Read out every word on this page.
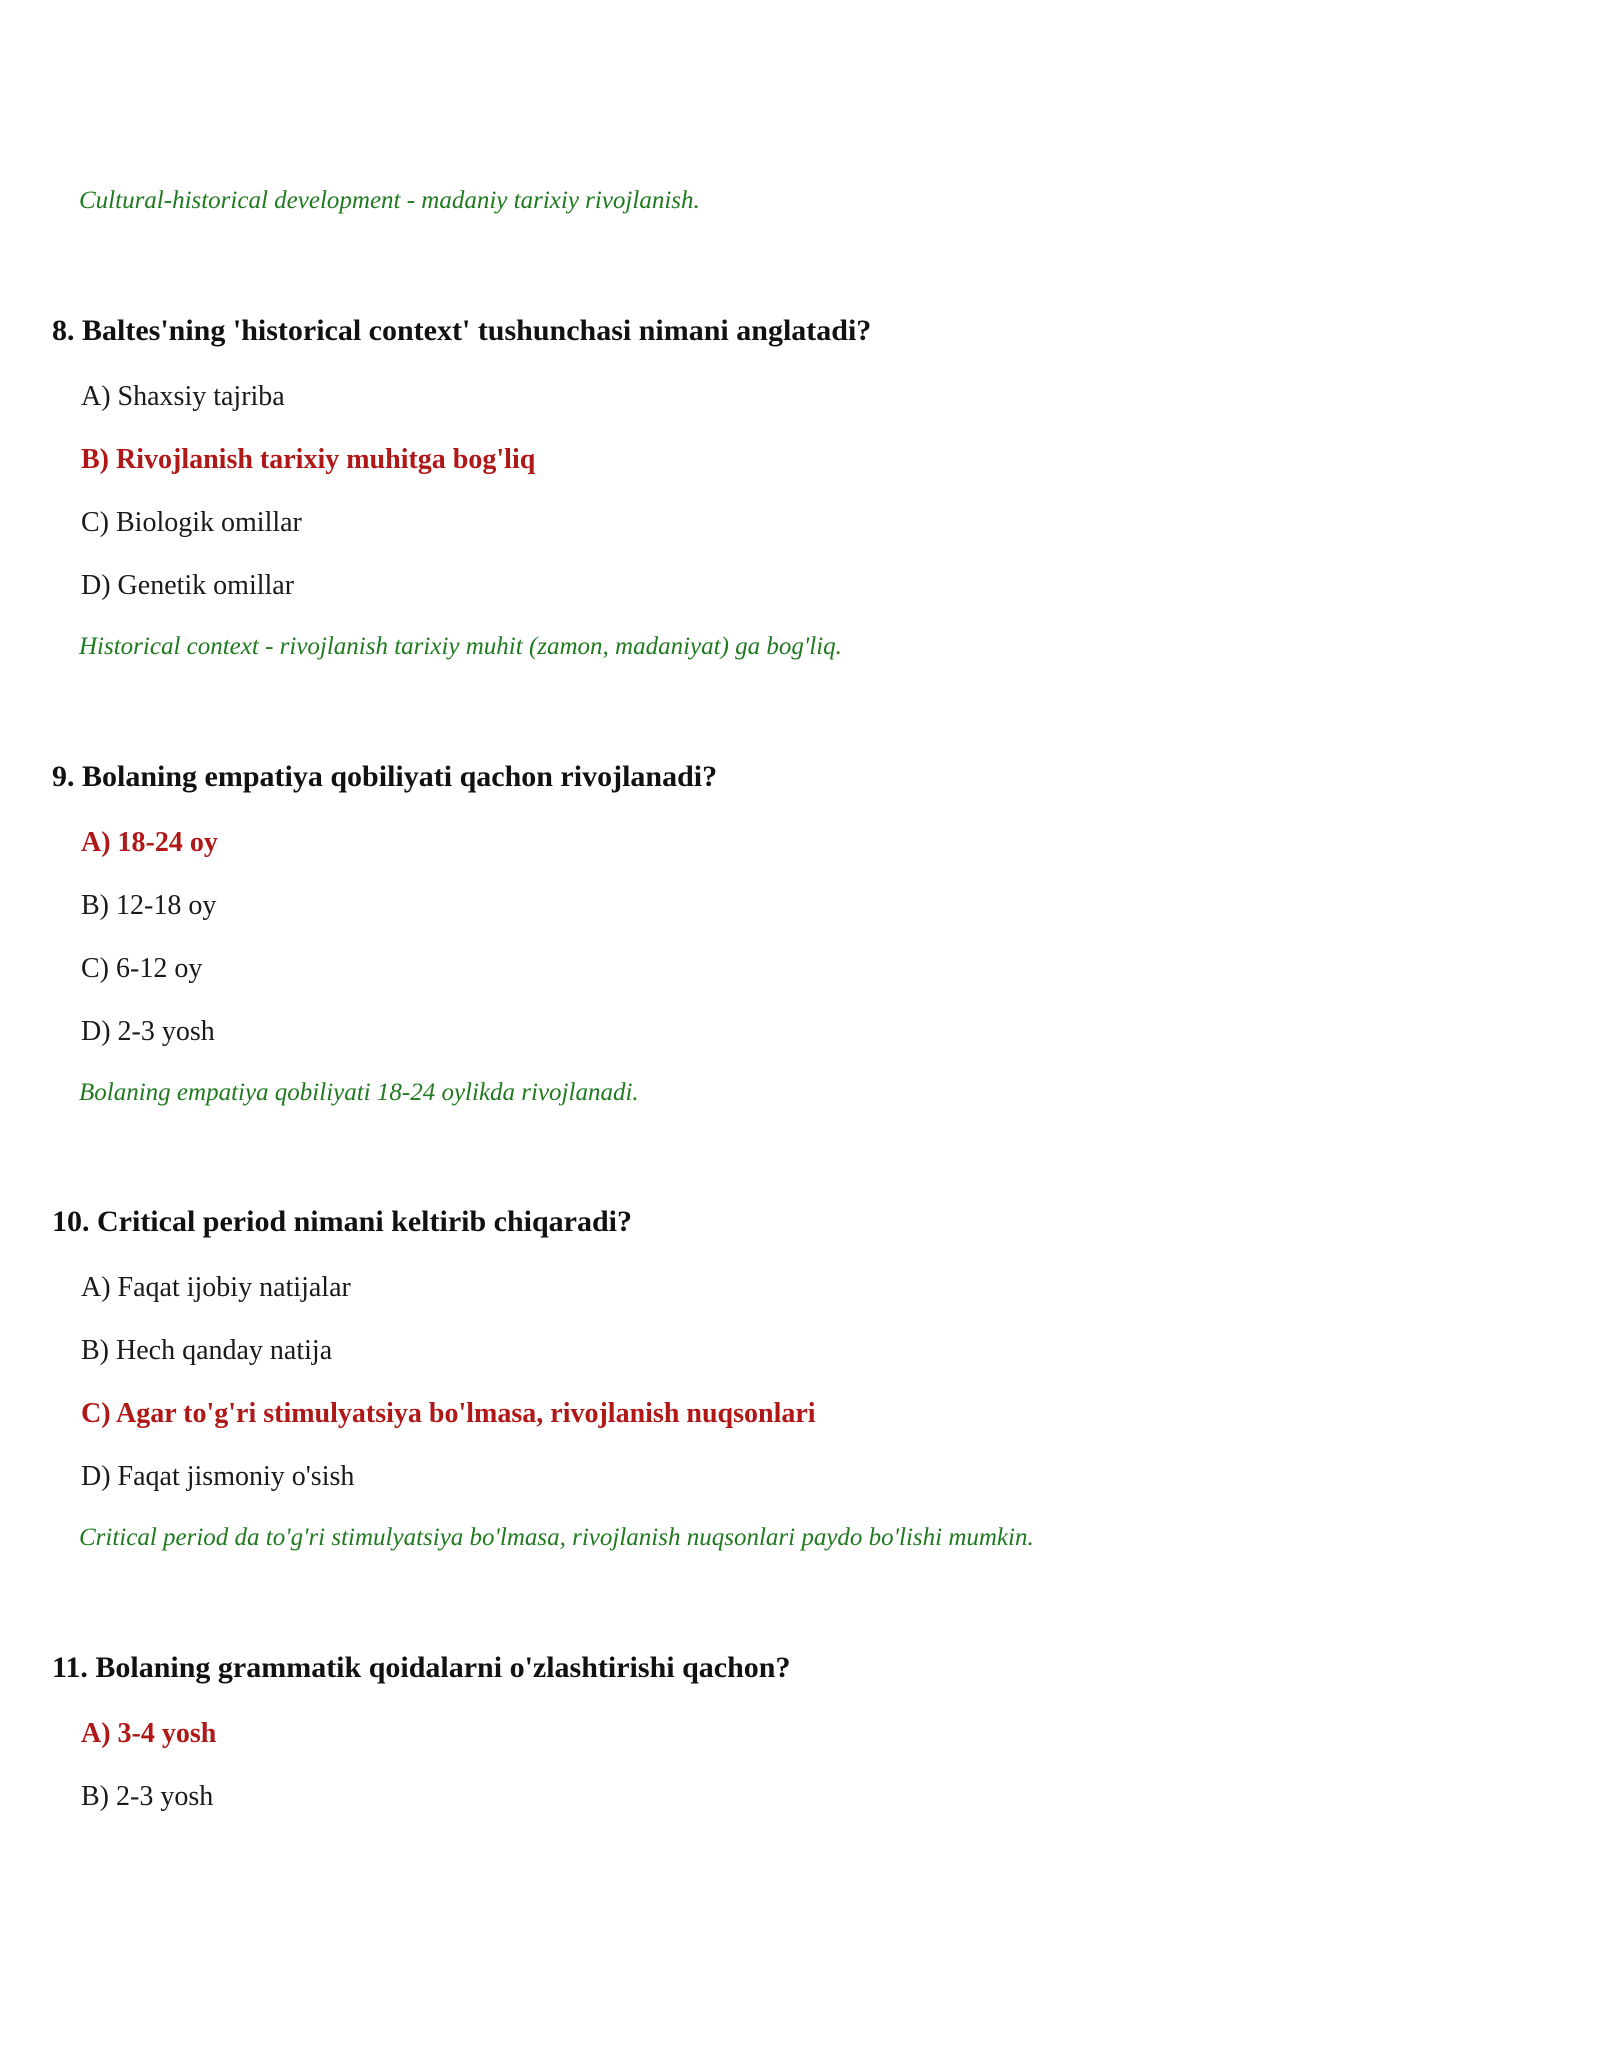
Cultural-historical development - madaniy tarixiy rivojlanish.
8. Baltes'ning 'historical context' tushunchasi nimani anglatadi?
A) Shaxsiy tajriba
B) Rivojlanish tarixiy muhitga bog'liq
C) Biologik omillar
D) Genetik omillar
Historical context - rivojlanish tarixiy muhit (zamon, madaniyat) ga bog'liq.
9. Bolaning empatiya qobiliyati qachon rivojlanadi?
A) 18-24 oy
B) 12-18 oy
C) 6-12 oy
D) 2-3 yosh
Bolaning empatiya qobiliyati 18-24 oylikda rivojlanadi.
10. Critical period nimani keltirib chiqaradi?
A) Faqat ijobiy natijalar
B) Hech qanday natija
C) Agar to'g'ri stimulyatsiya bo'lmasa, rivojlanish nuqsonlari
D) Faqat jismoniy o'sish
Critical period da to'g'ri stimulyatsiya bo'lmasa, rivojlanish nuqsonlari paydo bo'lishi mumkin.
11. Bolaning grammatik qoidalarni o'zlashtirishi qachon?
A) 3-4 yosh
B) 2-3 yosh
